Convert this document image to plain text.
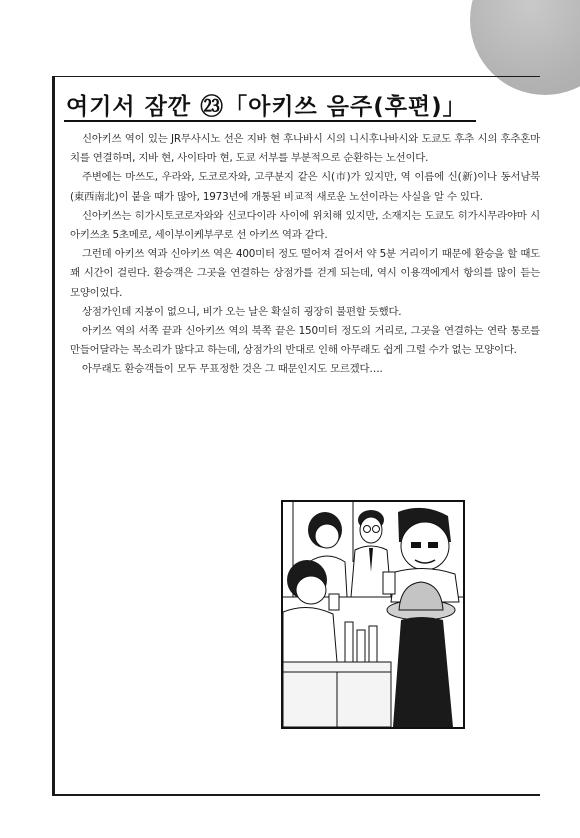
여기서 잠깐 ㉓「아키쓰 음주(후편)」

신아키쓰 역이 있는 JR무사시노 선은 지바 현 후나바시 시의 니시후나바시와 도쿄도 후추 시의 후추혼마치를 연결하며, 지바 현, 사이타마 현, 도쿄 서부를 부분적으로 순환하는 노선이다.

주변에는 마쓰도, 우라와, 도코로자와, 고쿠분지 같은 시(市)가 있지만, 역 이름에 신(新)이나 동서남북(東西南北)이 붙을 때가 많아, 1973년에 개통된 비교적 새로운 노선이라는 사실을 알 수 있다.

신아키쓰는 히가시토코로자와와 신코다이라 사이에 위치해 있지만, 소재지는 도쿄도 히가시무라야마 시 아키쓰초 5초메로, 세이부이케부쿠로 선 아키쓰 역과 같다.

그런데 아키쓰 역과 신아키쓰 역은 400미터 정도 떨어져 걸어서 약 5분 거리이기 때문에 환승을 할 때도 꽤 시간이 걸린다. 환승객은 그곳을 연결하는 상점가를 걷게 되는데, 역시 이용객에게서 항의를 많이 듣는 모양이었다.

상점가인데 지붕이 없으니, 비가 오는 날은 확실히 굉장히 불편할 듯했다.

아키쓰 역의 서쪽 끝과 신아키쓰 역의 북쪽 끝은 150미터 정도의 거리로, 그곳을 연결하는 연락 통로를 만들어달라는 목소리가 많다고 하는데, 상점가의 반대로 인해 아무래도 쉽게 그럴 수가 없는 모양이다.

아무래도 환승객들이 모두 무표정한 것은 그 때문인지도 모르겠다….
